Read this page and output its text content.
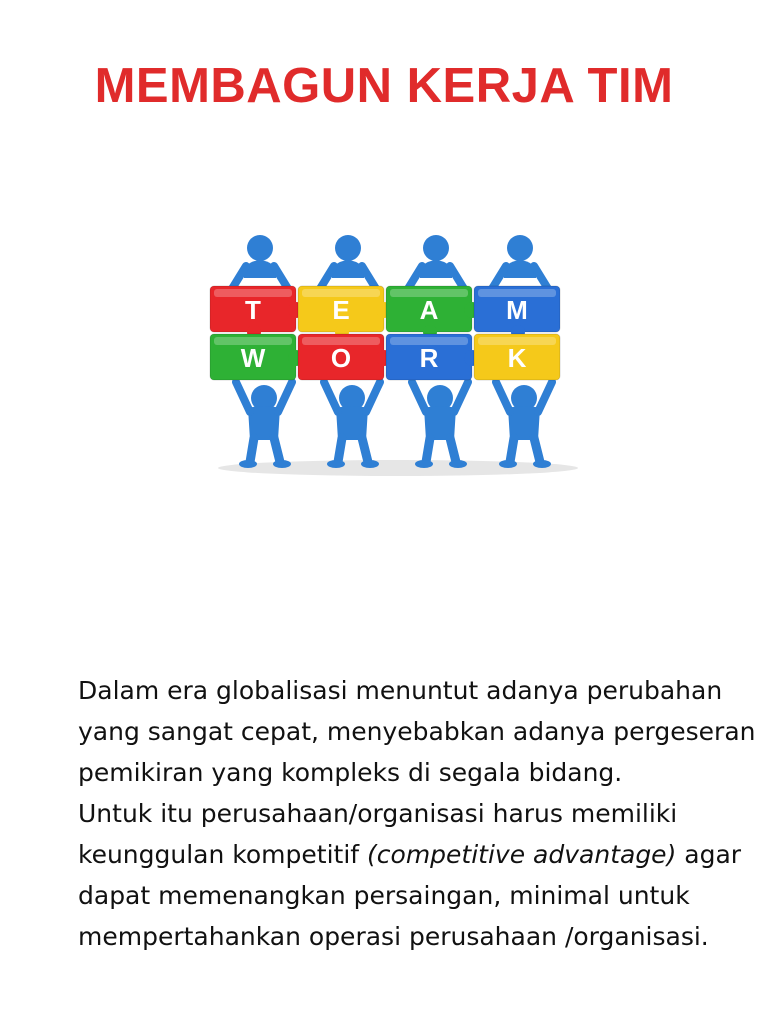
MEMBAGUN KERJA TIM
T	E	A	M
W	O	R	K

Dalam era globalisasi menuntut adanya perubahan yang sangat cepat, menyebabkan adanya pergeseran pemikiran yang kompleks di segala bidang.

Untuk itu perusahaan/organisasi harus memiliki keunggulan kompetitif (competitive advantage) agar dapat memenangkan persaingan, minimal untuk mempertahankan operasi perusahaan /organisasi.
